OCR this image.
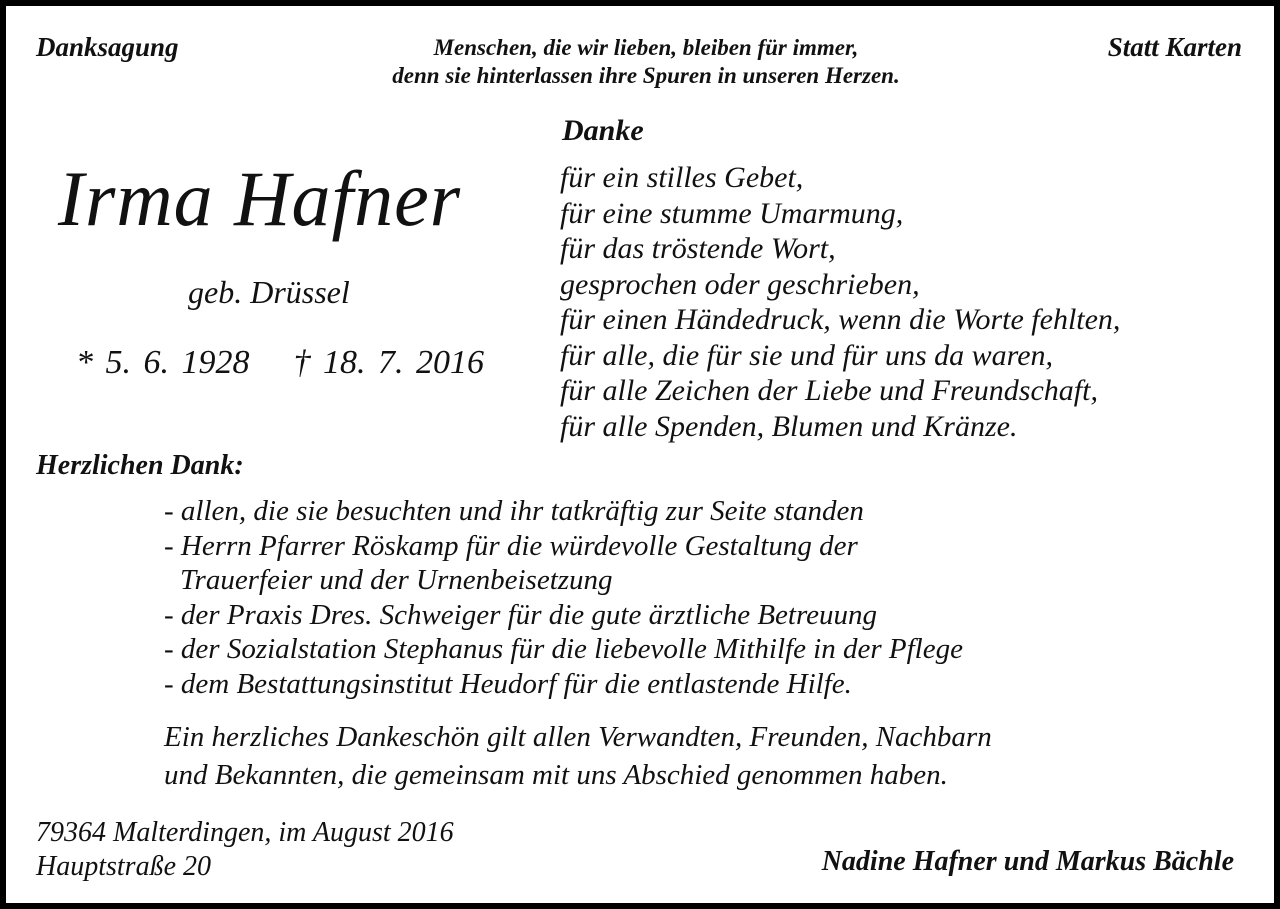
Danksagung	Menschen, die wir lieben, bleiben für immer,
denn sie hinterlassen ihre Spuren in unseren Herzen.

Statt Karten

Irma Hafner

geb. Drüssel

* 5. 6. 1928 † 18. 7. 2016

Danke

für ein stilles Gebet,
für eine stumme Umarmung,
für das tröstende Wort,
gesprochen oder geschrieben,
für einen Händedruck, wenn die Worte fehlten,
für alle, die für sie und für uns da waren,
für alle Zeichen der Liebe und Freundschaft,
für alle Spenden, Blumen und Kränze.

Herzlichen Dank:

- allen, die sie besuchten und ihr tatkräftig zur Seite standen
- Herrn Pfarrer Röskamp für die würdevolle Gestaltung der
Trauerfeier und der Urnenbeisetzung
- der Praxis Dres. Schweiger für die gute ärztliche Betreuung
- der Sozialstation Stephanus für die liebevolle Mithilfe in der Pflege
- dem Bestattungsinstitut Heudorf für die entlastende Hilfe.

Ein herzliches Dankeschön gilt allen Verwandten, Freunden, Nachbarn
und Bekannten, die gemeinsam mit uns Abschied genommen haben.

79364 Malterdingen, im August 2016
Hauptstraße 20	Nadine Hafner und Markus Bächle
